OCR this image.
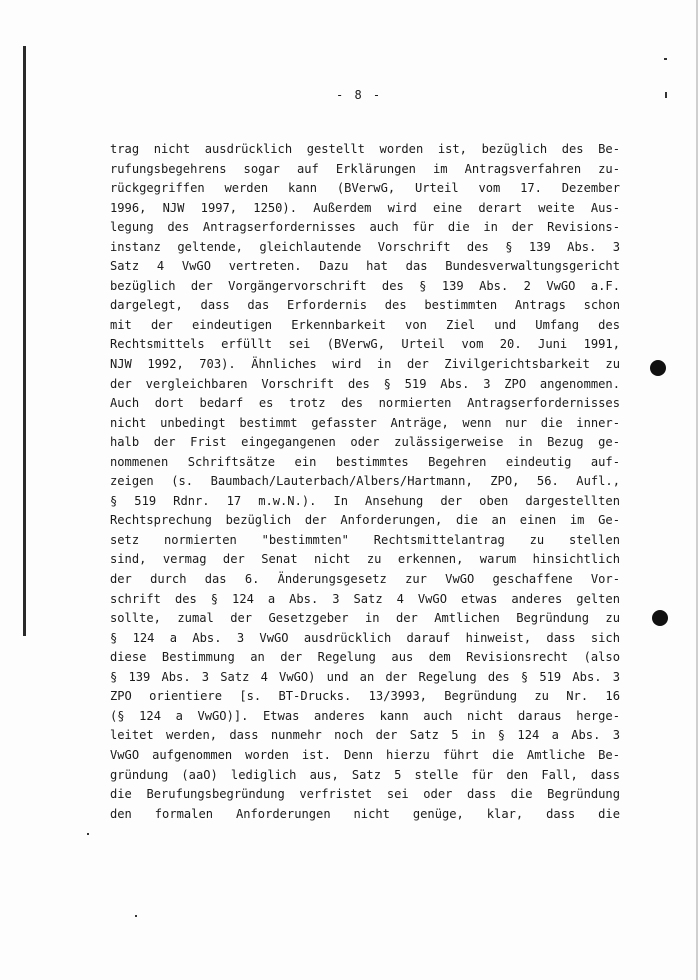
- 8 -
trag nicht ausdrücklich gestellt worden ist, bezüglich des Be-
rufungsbegehrens sogar auf Erklärungen im Antragsverfahren zu-
rückgegriffen werden kann (BVerwG, Urteil vom 17. Dezember
1996, NJW 1997, 1250). Außerdem wird eine derart weite Aus-
legung des Antragserfordernisses auch für die in der Revisions-
instanz geltende, gleichlautende Vorschrift des § 139 Abs. 3
Satz 4 VwGO vertreten. Dazu hat das Bundesverwaltungsgericht
bezüglich der Vorgängervorschrift des § 139 Abs. 2 VwGO a.F.
dargelegt, dass das Erfordernis des bestimmten Antrags schon
mit der eindeutigen Erkennbarkeit von Ziel und Umfang des
Rechtsmittels erfüllt sei (BVerwG, Urteil vom 20. Juni 1991,
NJW 1992, 703). Ähnliches wird in der Zivilgerichtsbarkeit zu
der vergleichbaren Vorschrift des § 519 Abs. 3 ZPO angenommen.
Auch dort bedarf es trotz des normierten Antragserfordernisses
nicht unbedingt bestimmt gefasster Anträge, wenn nur die inner-
halb der Frist eingegangenen oder zulässigerweise in Bezug ge-
nommenen Schriftsätze ein bestimmtes Begehren eindeutig auf-
zeigen (s. Baumbach/Lauterbach/Albers/Hartmann, ZPO, 56. Aufl.,
§ 519 Rdnr. 17 m.w.N.). In Ansehung der oben dargestellten
Rechtsprechung bezüglich der Anforderungen, die an einen im Ge-
setz normierten "bestimmten" Rechtsmittelantrag zu stellen
sind, vermag der Senat nicht zu erkennen, warum hinsichtlich
der durch das 6. Änderungsgesetz zur VwGO geschaffene Vor-
schrift des § 124 a Abs. 3 Satz 4 VwGO etwas anderes gelten
sollte, zumal der Gesetzgeber in der Amtlichen Begründung zu
§ 124 a Abs. 3 VwGO ausdrücklich darauf hinweist, dass sich
diese Bestimmung an der Regelung aus dem Revisionsrecht (also
§ 139 Abs. 3 Satz 4 VwGO) und an der Regelung des § 519 Abs. 3
ZPO orientiere [s. BT-Drucks. 13/3993, Begründung zu Nr. 16
(§ 124 a VwGO)]. Etwas anderes kann auch nicht daraus herge-
leitet werden, dass nunmehr noch der Satz 5 in § 124 a Abs. 3
VwGO aufgenommen worden ist. Denn hierzu führt die Amtliche Be-
gründung (aaO) lediglich aus, Satz 5 stelle für den Fall, dass
die Berufungsbegründung verfristet sei oder dass die Begründung
den formalen Anforderungen nicht genüge, klar, dass die
